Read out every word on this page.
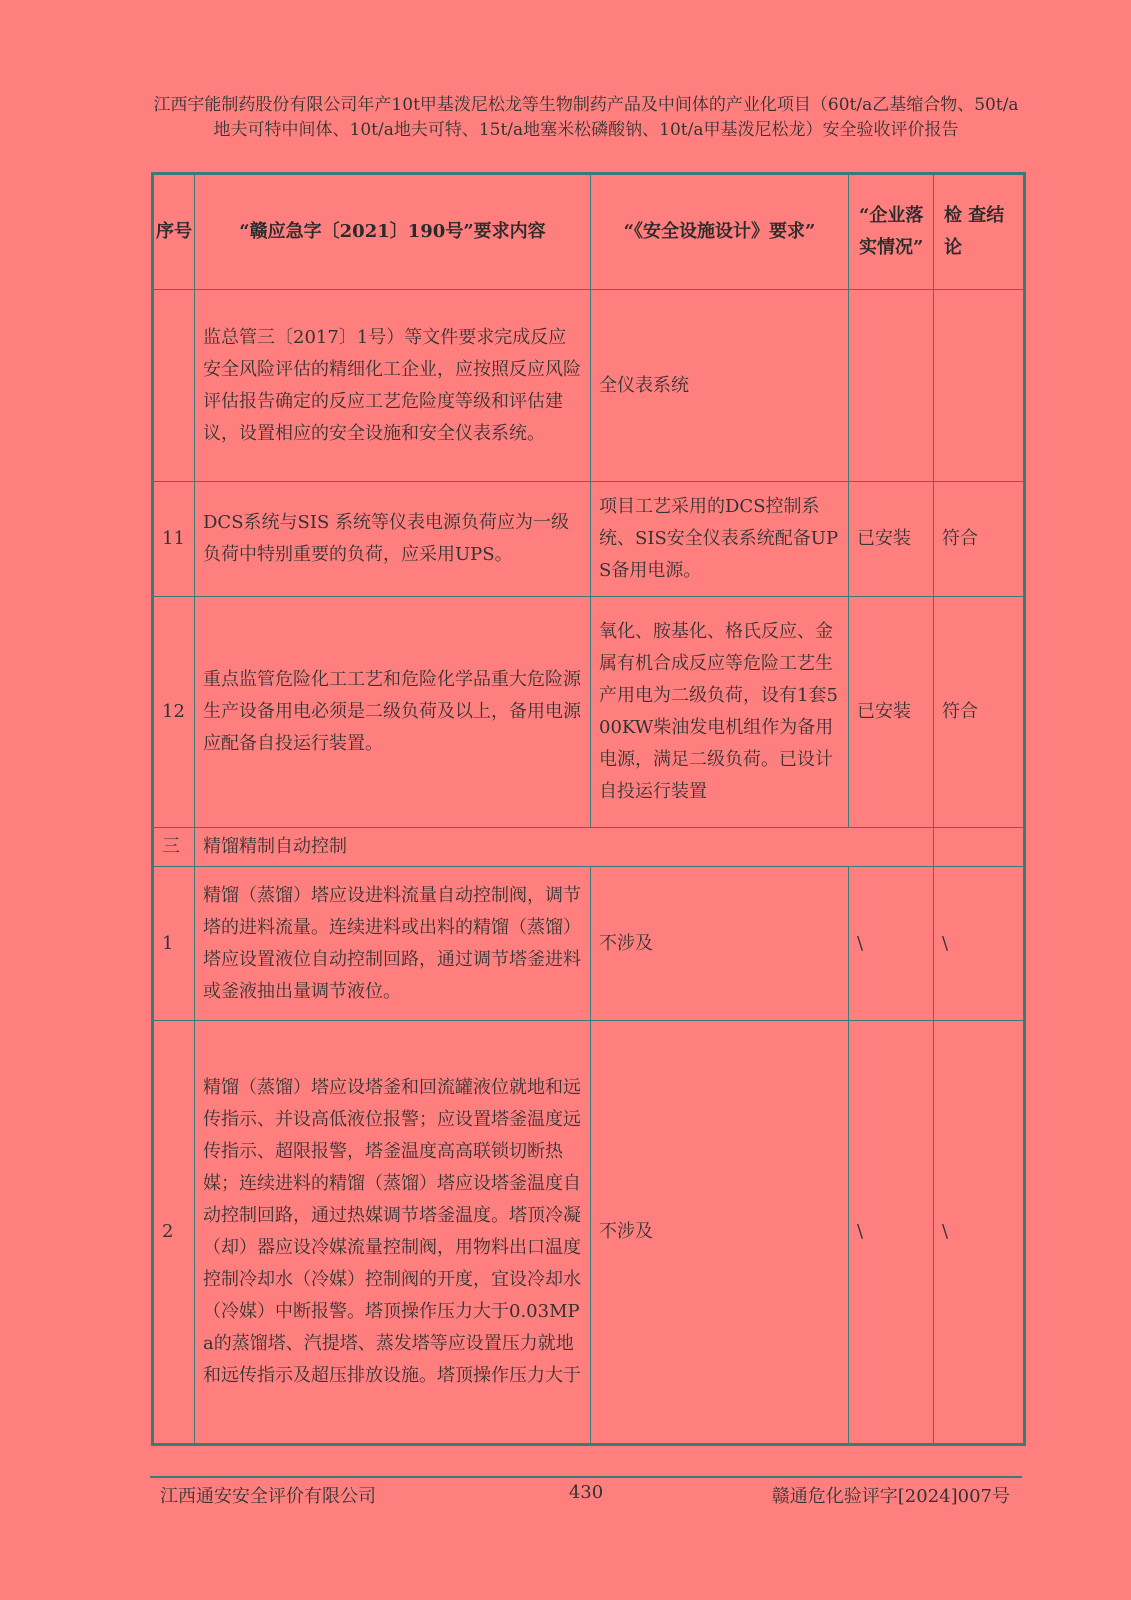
江西宇能制药股份有限公司年产10t甲基泼尼松龙等生物制药产品及中间体的产业化项目（60t/a乙基缩合物、50t/a地夫可特中间体、10t/a地夫可特、15t/a地塞米松磷酸钠、10t/a甲基泼尼松龙）安全验收评价报告
序号	“赣应急字〔2021〕190号”要求内容	“《安全设施设计》要求”	“企业落实情况”	检 查结论
	监总管三〔2017〕1号）等文件要求完成反应安全风险评估的精细化工企业，应按照反应风险评估报告确定的反应工艺危险度等级和评估建议，设置相应的安全设施和安全仪表系统。	全仪表系统		
11	DCS系统与SIS 系统等仪表电源负荷应为一级负荷中特别重要的负荷，应采用UPS。	项目工艺采用的DCS控制系统、SIS安全仪表系统配备UPS备用电源。	已安装	符合
12	重点监管危险化工工艺和危险化学品重大危险源生产设备用电必须是二级负荷及以上，备用电源应配备自投运行装置。	氧化、胺基化、格氏反应、金属有机合成反应等危险工艺生产用电为二级负荷，设有1套500KW柴油发电机组作为备用电源，满足二级负荷。已设计自投运行装置	已安装	符合
三	精馏精制自动控制			
1	精馏（蒸馏）塔应设进料流量自动控制阀，调节塔的进料流量。连续进料或出料的精馏（蒸馏）塔应设置液位自动控制回路，通过调节塔釜进料或釜液抽出量调节液位。	不涉及	\	\
2	精馏（蒸馏）塔应设塔釜和回流罐液位就地和远传指示、并设高低液位报警；应设置塔釜温度远传指示、超限报警，塔釜温度高高联锁切断热媒；连续进料的精馏（蒸馏）塔应设塔釜温度自动控制回路，通过热媒调节塔釜温度。塔顶冷凝（却）器应设冷媒流量控制阀，用物料出口温度控制冷却水（冷媒）控制阀的开度，宜设冷却水（冷媒）中断报警。塔顶操作压力大于0.03MPa的蒸馏塔、汽提塔、蒸发塔等应设置压力就地和远传指示及超压排放设施。塔顶操作压力大于	不涉及	\	\
江西通安安全评价有限公司	430	赣通危化验评字[2024]007号
